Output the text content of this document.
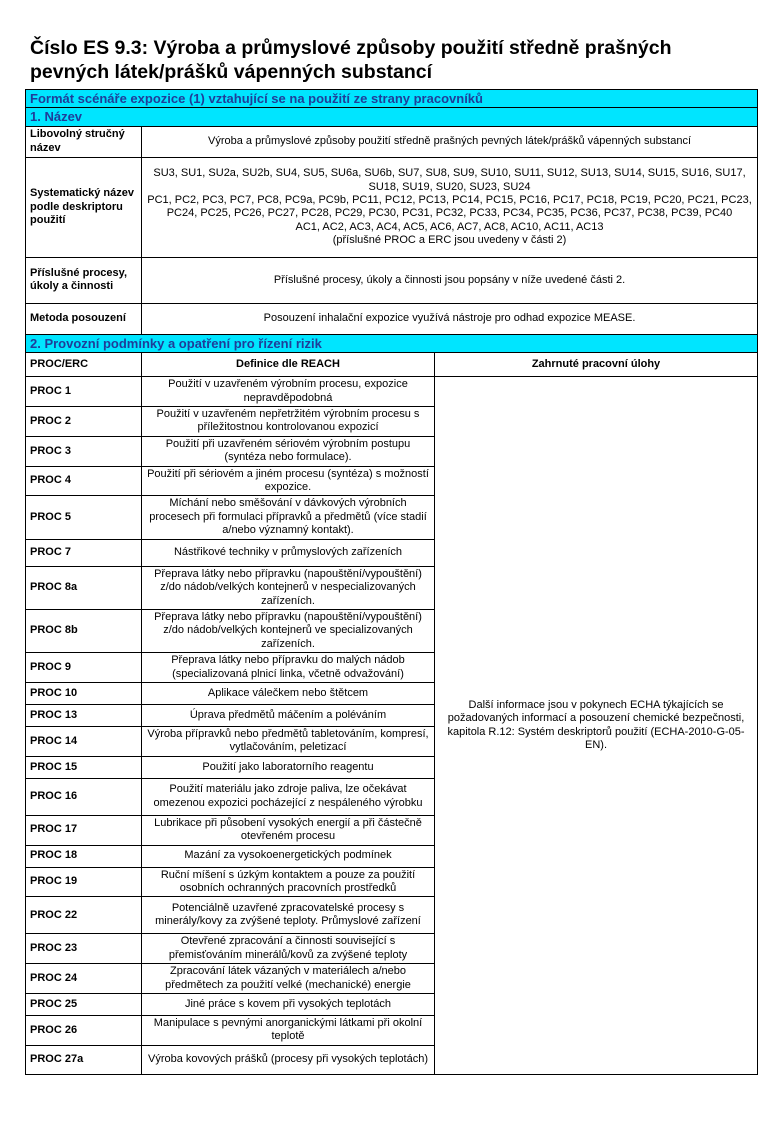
Číslo ES 9.3: Výroba a průmyslové způsoby použití středně prašných pevných látek/prášků vápenných substancí
Formát scénáře expozice (1) vztahující se na použití ze strany pracovníků		
1. Název		
Libovolný stručný název	Výroba a průmyslové způsoby použití středně prašných pevných látek/prášků vápenných substancí	
Systematický název podle deskriptoru použití	SU3, SU1, SU2a, SU2b, SU4, SU5, SU6a, SU6b, SU7, SU8, SU9, SU10, SU11, SU12, SU13, SU14, SU15, SU16, SU17, SU18, SU19, SU20, SU23, SU24
PC1, PC2, PC3, PC7, PC8, PC9a, PC9b, PC11, PC12, PC13, PC14, PC15, PC16, PC17, PC18, PC19, PC20, PC21, PC23, PC24, PC25, PC26, PC27, PC28, PC29, PC30, PC31, PC32, PC33, PC34, PC35, PC36, PC37, PC38, PC39, PC40
AC1, AC2, AC3, AC4, AC5, AC6, AC7, AC8, AC10, AC11, AC13
(příslušné PROC a ERC jsou uvedeny v části 2)	
Příslušné procesy, úkoly a činnosti	Příslušné procesy, úkoly a činnosti jsou popsány v níže uvedené části 2.	
Metoda posouzení	Posouzení inhalační expozice využívá nástroje pro odhad expozice MEASE.	
2. Provozní podmínky a opatření pro řízení rizik		
PROC/ERC	Definice dle REACH	Zahrnuté pracovní úlohy
PROC 1	Použití v uzavřeném výrobním procesu, expozice nepravděpodobná	Další informace jsou v pokynech ECHA týkajících se požadovaných informací a posouzení chemické bezpečnosti, kapitola R.12: Systém deskriptorů použití (ECHA-2010-G-05-EN).
PROC 2	Použití v uzavřeném nepřetržitém výrobním procesu s příležitostnou kontrolovanou expozicí	
PROC 3	Použití při uzavřeném sériovém výrobním postupu (syntéza nebo formulace).	
PROC 4	Použití při sériovém a jiném procesu (syntéza) s možností expozice.	
PROC 5	Míchání nebo směšování v dávkových výrobních procesech při formulaci přípravků a předmětů (více stadií a/nebo významný kontakt).	
PROC 7	Nástřikové techniky v průmyslových zařízeních	
PROC 8a	Přeprava látky nebo přípravku (napouštění/vypouštění) z/do nádob/velkých kontejnerů v nespecializovaných zařízeních.	
PROC 8b	Přeprava látky nebo přípravku (napouštění/vypouštění) z/do nádob/velkých kontejnerů ve specializovaných zařízeních.	
PROC 9	Přeprava látky nebo přípravku do malých nádob (specializovaná plnicí linka, včetně odvažování)	
PROC 10	Aplikace válečkem nebo štětcem	
PROC 13	Úprava předmětů máčením a poléváním	
PROC 14	Výroba přípravků nebo předmětů tabletováním, kompresí, vytlačováním, peletizací	
PROC 15	Použití jako laboratorního reagentu	
PROC 16	Použití materiálu jako zdroje paliva, lze očekávat omezenou expozici pocházející z nespáleného výrobku	
PROC 17	Lubrikace při působení vysokých energií a při částečně otevřeném procesu	
PROC 18	Mazání za vysokoenergetických podmínek	
PROC 19	Ruční míšení s úzkým kontaktem a pouze za použití osobních ochranných pracovních prostředků	
PROC 22	Potenciálně uzavřené zpracovatelské procesy s minerály/kovy za zvýšené teploty. Průmyslové zařízení	
PROC 23	Otevřené zpracování a činnosti související s přemisťováním minerálů/kovů za zvýšené teploty	
PROC 24	Zpracování látek vázaných v materiálech a/nebo předmětech za použití velké (mechanické) energie	
PROC 25	Jiné práce s kovem při vysokých teplotách	
PROC 26	Manipulace s pevnými anorganickými látkami při okolní teplotě	
PROC 27a	Výroba kovových prášků (procesy při vysokých teplotách)	
